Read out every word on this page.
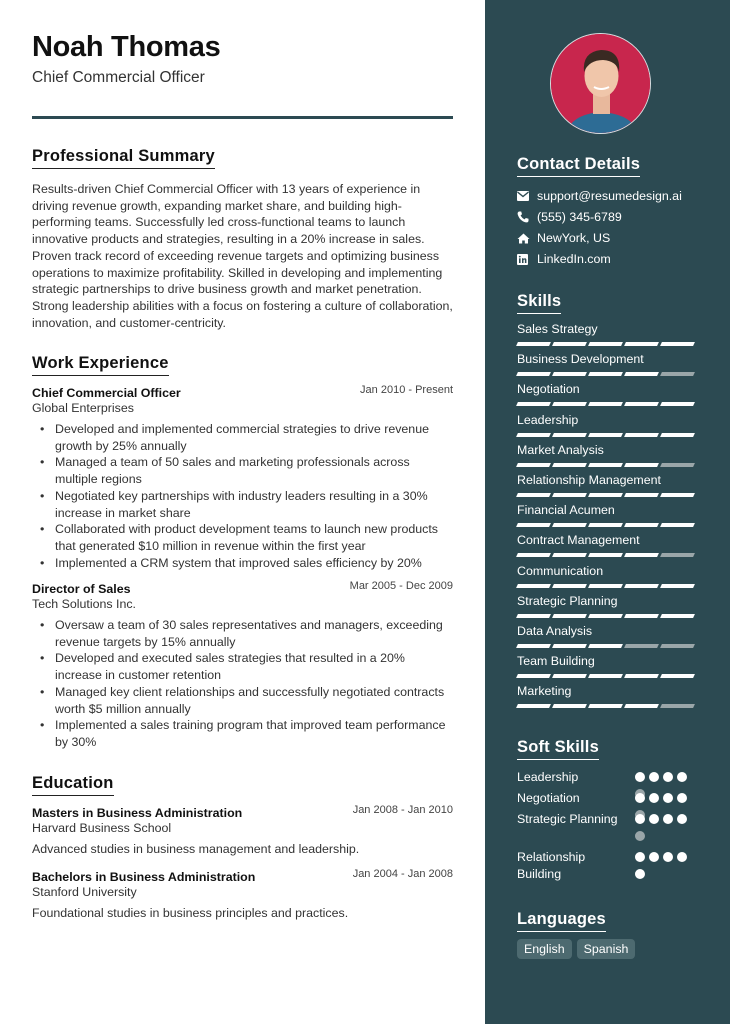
Noah Thomas
Chief Commercial Officer
Professional Summary
Results-driven Chief Commercial Officer with 13 years of experience in driving revenue growth, expanding market share, and building high-performing teams. Successfully led cross-functional teams to launch innovative products and strategies, resulting in a 20% increase in sales. Proven track record of exceeding revenue targets and optimizing business operations to maximize profitability. Skilled in developing and implementing strategic partnerships to drive business growth and market penetration. Strong leadership abilities with a focus on fostering a culture of collaboration, innovation, and customer-centricity.
Work Experience
Chief Commercial Officer	Jan 2010 - Present
Global Enterprises
• Developed and implemented commercial strategies to drive revenue growth by 25% annually
• Managed a team of 50 sales and marketing professionals across multiple regions
• Negotiated key partnerships with industry leaders resulting in a 30% increase in market share
• Collaborated with product development teams to launch new products that generated $10 million in revenue within the first year
• Implemented a CRM system that improved sales efficiency by 20%
Director of Sales	Mar 2005 - Dec 2009
Tech Solutions Inc.
• Oversaw a team of 30 sales representatives and managers, exceeding revenue targets by 15% annually
• Developed and executed sales strategies that resulted in a 20% increase in customer retention
• Managed key client relationships and successfully negotiated contracts worth $5 million annually
• Implemented a sales training program that improved team performance by 30%
Education
Masters in Business Administration	Jan 2008 - Jan 2010
Harvard Business School
Advanced studies in business management and leadership.
Bachelors in Business Administration	Jan 2004 - Jan 2008
Stanford University
Foundational studies in business principles and practices.
Contact Details
support@resumedesign.ai
(555) 345-6789
NewYork, US
LinkedIn.com
Skills
Sales Strategy
Business Development
Negotiation
Leadership
Market Analysis
Relationship Management
Financial Acumen
Contract Management
Communication
Strategic Planning
Data Analysis
Team Building
Marketing
Soft Skills
Leadership
Negotiation
Strategic Planning
Relationship Building
Languages
English	Spanish
